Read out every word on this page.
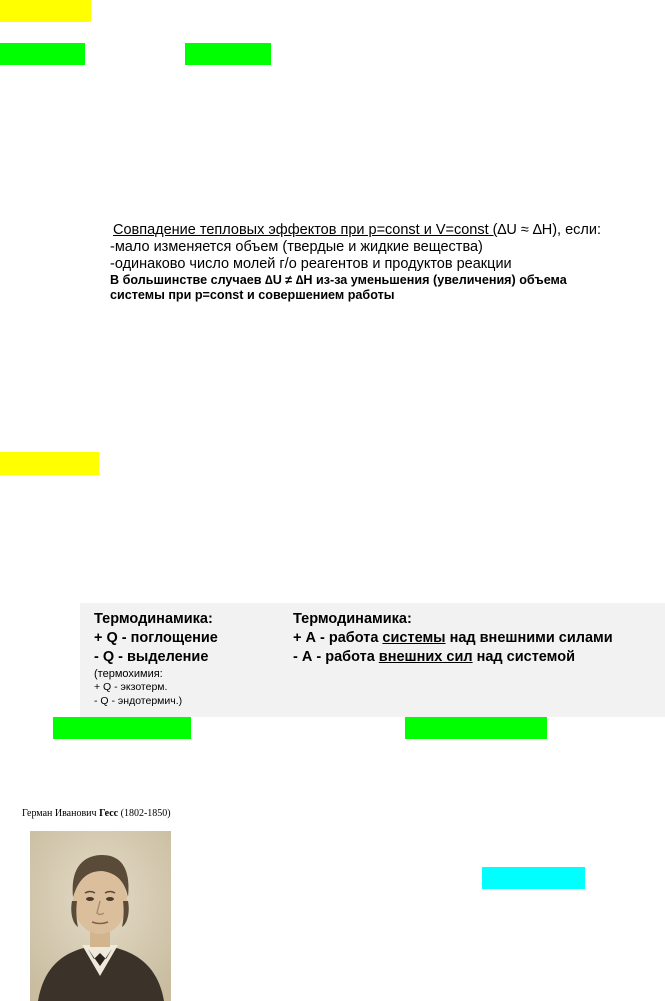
Совпадение тепловых эффектов при p=const и V=const (∆U ≈ ∆H), если:
-мало изменяется объем (твердые и жидкие вещества)
-одинаково число молей г/о реагентов и продуктов реакции
В большинстве случаев ∆U ≠ ∆H из-за уменьшения (увеличения) объема
системы при p=const и совершением работы
Термодинамика:
+ Q - поглощение
- Q - выделение
(термохимия:
+ Q - экзотерм.
- Q - эндотермич.)
Термодинамика:
+ А - работа системы над внешними силами
- А - работа внешних сил над системой
Герман Иванович Гесс (1802-1850)
